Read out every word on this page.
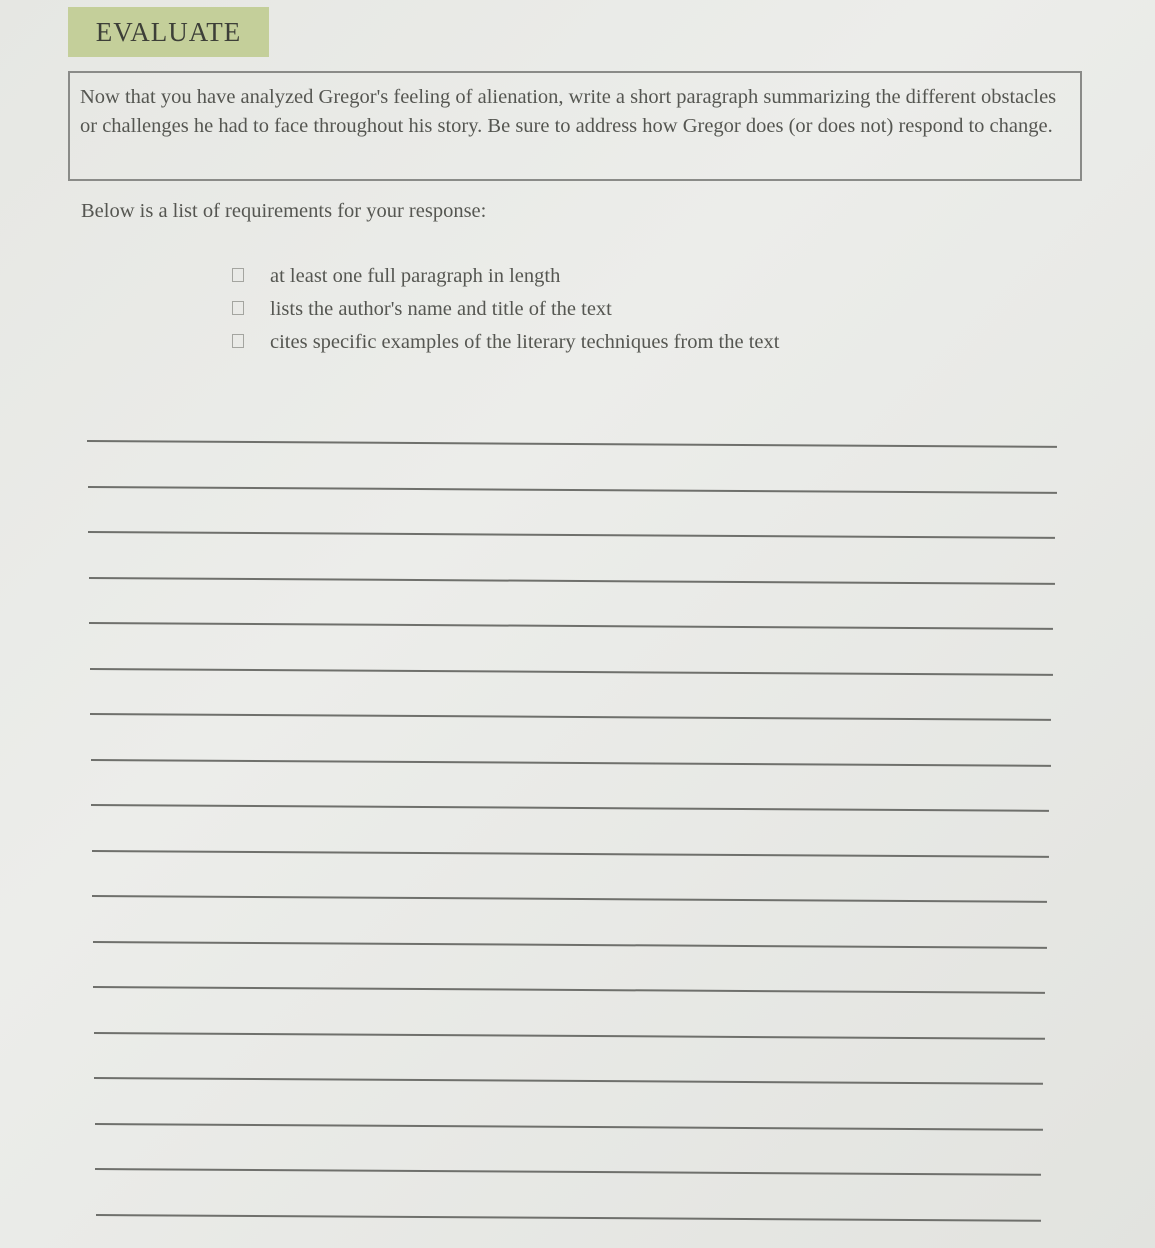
EVALUATE
Now that you have analyzed Gregor's feeling of alienation, write a short paragraph summarizing the different obstacles or challenges he had to face throughout his story. Be sure to address how Gregor does (or does not) respond to change.
Below is a list of requirements for your response:
at least one full paragraph in length
lists the author's name and title of the text
cites specific examples of the literary techniques from the text
